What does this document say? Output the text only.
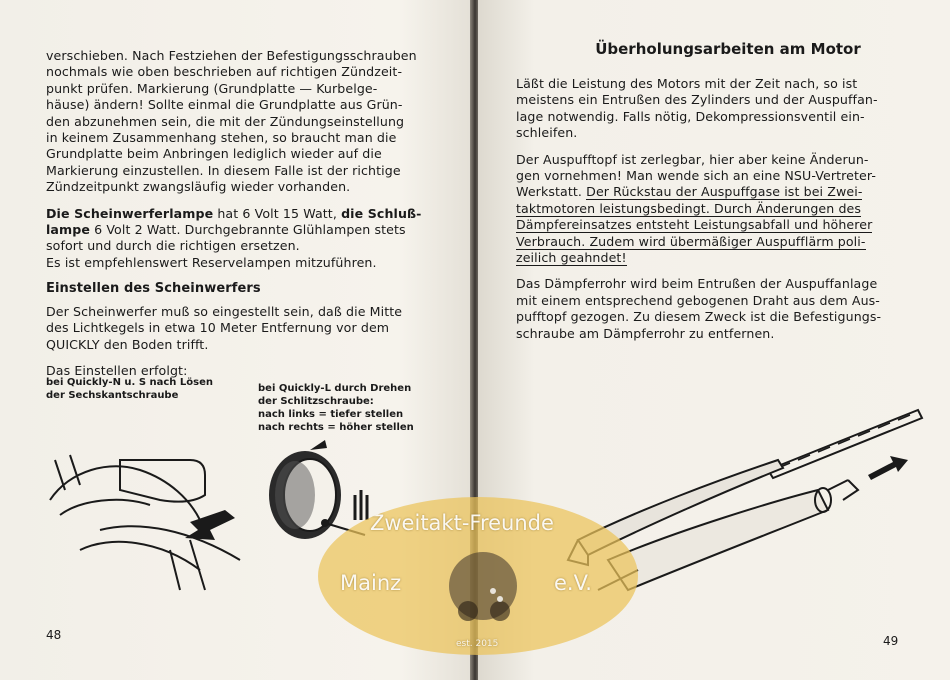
verschieben. Nach Festziehen der Befestigungsschrauben
nochmals wie oben beschrieben auf richtigen Zündzeit-
punkt prüfen. Markierung (Grundplatte — Kurbelge-
häuse) ändern! Sollte einmal die Grundplatte aus Grün-
den abzunehmen sein, die mit der Zündungseinstellung
in keinem Zusammenhang stehen, so braucht man die
Grundplatte beim Anbringen lediglich wieder auf die
Markierung einzustellen. In diesem Falle ist der richtige
Zündzeitpunkt zwangsläufig wieder vorhanden.

Die Scheinwerferlampe hat 6 Volt 15 Watt, die Schluß-
lampe 6 Volt 2 Watt. Durchgebrannte Glühlampen stets
sofort und durch die richtigen ersetzen.
Es ist empfehlenswert Reservelampen mitzuführen.

Einstellen des Scheinwerfers

Der Scheinwerfer muß so eingestellt sein, daß die Mitte
des Lichtkegels in etwa 10 Meter Entfernung vor dem
QUICKLY den Boden trifft.

Das Einstellen erfolgt:

bei Quickly-N u. S nach Lösen
der Sechskantschraube
bei Quickly-L durch Drehen
der Schlitzschraube:
nach links = tiefer stellen
nach rechts = höher stellen
48
Überholungsarbeiten am Motor

Läßt die Leistung des Motors mit der Zeit nach, so ist
meistens ein Entrußen des Zylinders und der Auspuffan-
lage notwendig. Falls nötig, Dekompressionsventil ein-
schleifen.

Der Auspufftopf ist zerlegbar, hier aber keine Änderun-
gen vornehmen! Man wende sich an eine NSU-Vertreter-
Werkstatt. Der Rückstau der Auspuffgase ist bei Zwei-
taktmotoren leistungsbedingt. Durch Änderungen des
Dämpfereinsatzes entsteht Leistungsabfall und höherer
Verbrauch. Zudem wird übermäßiger Auspufflärm poli-
zeilich geahndet!

Das Dämpferrohr wird beim Entrußen der Auspuffanlage
mit einem entsprechend gebogenen Draht aus dem Aus-
pufftopf gezogen. Zu diesem Zweck ist die Befestigungs-
schraube am Dämpferrohr zu entfernen.

49
Zweitakt-Freunde
Mainz	e.V.
est. 2015
